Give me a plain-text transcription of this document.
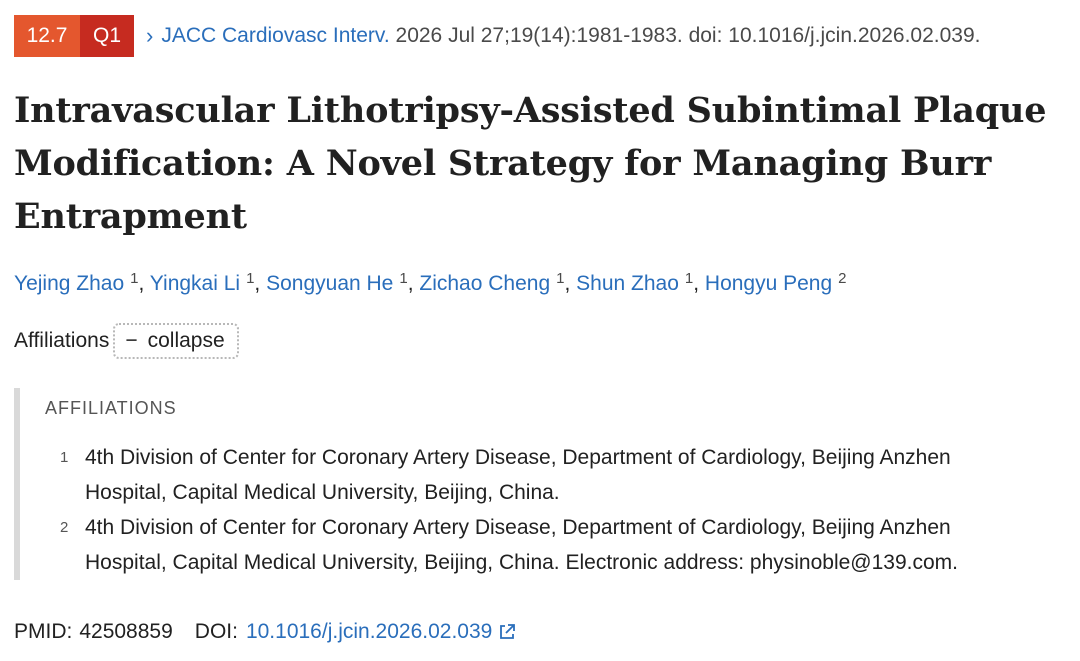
12.7	Q1	› JACC Cardiovasc Interv. 2026 Jul 27;19(14):1981-1983. doi: 10.1016/j.jcin.2026.02.039.
Intravascular Lithotripsy-Assisted Subintimal Plaque
Modification: A Novel Strategy for Managing Burr
Entrapment
Yejing Zhao $^1$, Yingkai Li $^1$, Songyuan He $^1$, Zichao Cheng $^1$, Shun Zhao $^1$, Hongyu Peng $^2$
Affiliations − collapse
AFFILIATIONS
1 4th Division of Center for Coronary Artery Disease, Department of Cardiology, Beijing Anzhen
Hospital, Capital Medical University, Beijing, China.
2 4th Division of Center for Coronary Artery Disease, Department of Cardiology, Beijing Anzhen
Hospital, Capital Medical University, Beijing, China. Electronic address: physinoble@139.com.
PMID: 42508859 DOI: 10.1016/j.jcin.2026.02.039
